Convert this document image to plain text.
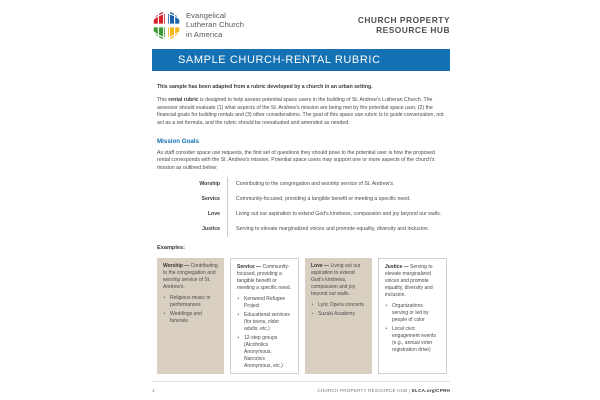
Evangelical
Lutheran Church
in America
CHURCH PROPERTY
RESOURCE HUB
SAMPLE CHURCH-RENTAL RUBRIC

This sample has been adapted from a rubric developed by a church in an urban setting.

This rental rubric is designed to help assess potential space users in the building of St. Andrew's Lutheran Church. The assessor should evaluate (1) what aspects of the St. Andrew's mission are being met by the potential space user, (2) the financial goals for building rentals and (3) other considerations. The goal of this space use rubric is to guide conversation, not act as a set formula, and the rubric should be reevaluated and amended as needed.

Mission Goals

As staff consider space use requests, the first set of questions they should pose to the potential user is how the proposed rental corresponds with the St. Andrew's mission. Potential space users may support one or more aspects of the church's mission as outlined below:

Worship	Contributing to the congregation and worship service of St. Andrew's.
Service	Community-focused, providing a tangible benefit or meeting a specific need.
Love	Living out our aspiration to extend God's kindness, compassion and joy beyond our walls.
Justice	Serving to elevate marginalized voices and promote equality, diversity and inclusion.
Examples:

Worship — Contributing to the congregation and worship service of St. Andrew's.

• Religious music or performances
• Weddings and funerals

Service — Community-focused, providing a tangible benefit or meeting a specific need.

• Kenwood Refugee Project
• Educational services (for teens, older adults, etc.)
• 12-step groups (Alcoholics Anonymous, Narcotics Anonymous, etc.)

Love — Living out our aspiration to extend God's kindness, compassion and joy beyond our walls.

• Lyric Opera concerts
• Suzuki Academy

Justice — Serving to elevate marginalized voices and promote equality, diversity and inclusion.

• Organizations serving or led by people of color
• Local civic engagement events (e.g., annual voter registration drive)
1	CHURCH PROPERTY RESOURCE HUB | ELCA.org/CPRH
